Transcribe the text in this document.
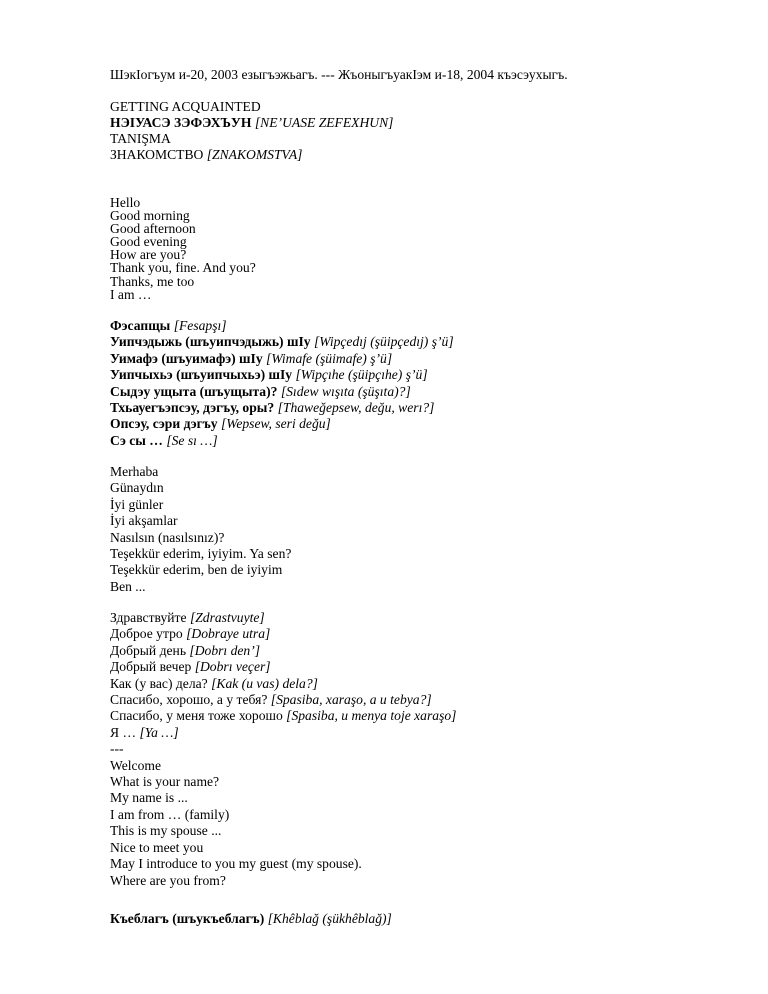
ШэкIогъум и-20, 2003 езыгъэжьагъ. --- ЖъоныгъуакIэм и-18, 2004 къэсэухыгъ.
GETTING ACQUAINTED
НЭIУАСЭ ЗЭФЭХЪУН [NE’UASE ZEFEXHUN]
TANIŞMA
ЗНАКОМСТВО [ZNAKOMSTVA]
Hello
Good morning
Good afternoon
Good evening
How are you?
Thank you, fine. And you?
Thanks, me too
I am …
Фэсапщы [Fesapşı]
Уипчэдыжь (шъуипчэдыжь) шIу [Wipçedıj (şüipçedıj) ş’ü]
Уимафэ (шъуимафэ) шIу [Wimafe (şüimafe) ş’ü]
Уипчыхьэ (шъуипчыхьэ) шIу [Wipçıhe (şüipçıhe) ş’ü]
Сыдэу ущыта (шъущыта)? [Sıdew wışıta (şüşıta)?]
Тхьауегъэпсэу, дэгъу, оры? [Thaweğepsew, değu, werı?]
Опсэу, сэри дэгъу [Wepsew, seri değu]
Сэ сы … [Se sı …]
Merhaba
Günaydın
İyi günler
İyi akşamlar
Nasılsın (nasılsınız)?
Teşekkür ederim, iyiyim. Ya sen?
Teşekkür ederim, ben de iyiyim
Ben ...
Здравствуйте [Zdrastvuyte]
Доброе утро [Dobraye utra]
Добрый день [Dobrı den’]
Добрый вечер [Dobrı veçer]
Как (у вас) дела? [Kak (u vas) dela?]
Спасибо, хорошо, а у тебя? [Spasiba, xaraşo, a u tebya?]
Спасибо, у меня тоже хорошо [Spasiba, u menya toje xaraşo]
Я … [Ya …]
---
Welcome
What is your name?
My name is ...
I am from … (family)
This is my spouse ...
Nice to meet you
May I introduce to you my guest (my spouse).
Where are you from?
Къеблагъ (шъукъеблагъ) [Khêblağ (şükhêblağ)]
